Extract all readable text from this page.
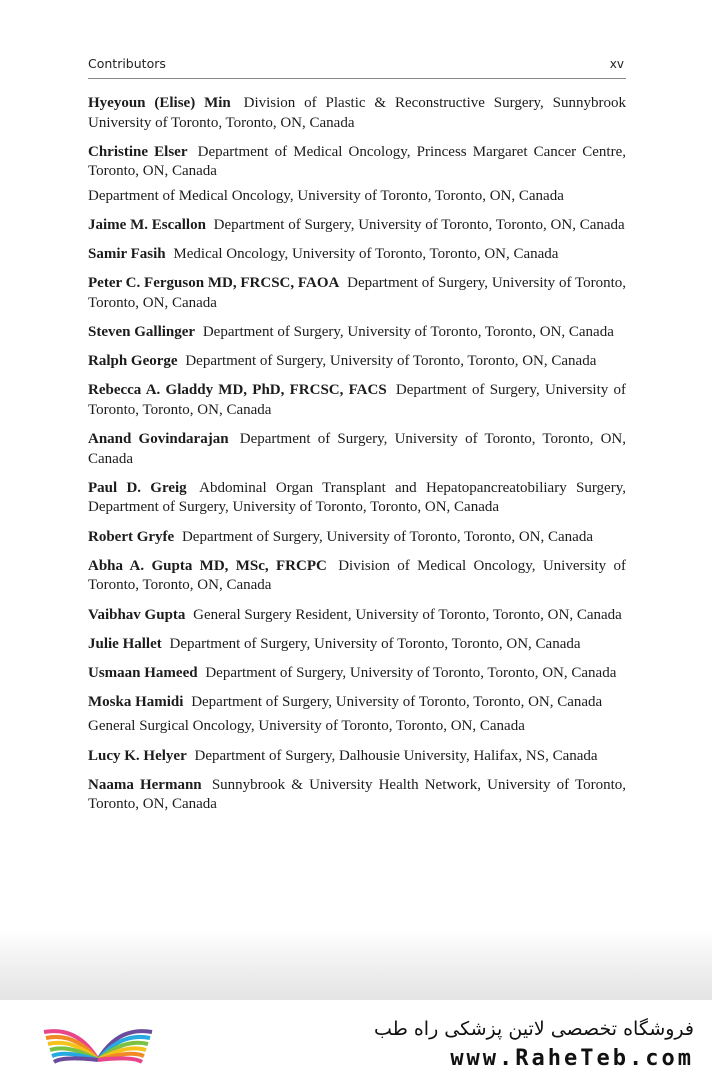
Contributors	xv

Hyeyoun (Elise) Min Division of Plastic & Reconstructive Surgery, Sunnybrook University of Toronto, Toronto, ON, Canada

Christine Elser Department of Medical Oncology, Princess Margaret Cancer Centre, Toronto, ON, Canada

Department of Medical Oncology, University of Toronto, Toronto, ON, Canada

Jaime M. Escallon Department of Surgery, University of Toronto, Toronto, ON, Canada

Samir Fasih Medical Oncology, University of Toronto, Toronto, ON, Canada

Peter C. Ferguson MD, FRCSC, FAOA Department of Surgery, University of Toronto, Toronto, ON, Canada

Steven Gallinger Department of Surgery, University of Toronto, Toronto, ON, Canada

Ralph George Department of Surgery, University of Toronto, Toronto, ON, Canada

Rebecca A. Gladdy MD, PhD, FRCSC, FACS Department of Surgery, University of Toronto, Toronto, ON, Canada

Anand Govindarajan Department of Surgery, University of Toronto, Toronto, ON, Canada

Paul D. Greig Abdominal Organ Transplant and Hepatopancreatobiliary Surgery, Department of Surgery, University of Toronto, Toronto, ON, Canada

Robert Gryfe Department of Surgery, University of Toronto, Toronto, ON, Canada

Abha A. Gupta MD, MSc, FRCPC Division of Medical Oncology, University of Toronto, Toronto, ON, Canada

Vaibhav Gupta General Surgery Resident, University of Toronto, Toronto, ON, Canada

Julie Hallet Department of Surgery, University of Toronto, Toronto, ON, Canada

Usmaan Hameed Department of Surgery, University of Toronto, Toronto, ON, Canada

Moska Hamidi Department of Surgery, University of Toronto, Toronto, ON, Canada

General Surgical Oncology, University of Toronto, Toronto, ON, Canada

Lucy K. Helyer Department of Surgery, Dalhousie University, Halifax, NS, Canada

Naama Hermann Sunnybrook & University Health Network, University of Toronto, Toronto, ON, Canada

فروشگاه تخصصی لاتین پزشکی راه طب
www.RaheTeb.com
